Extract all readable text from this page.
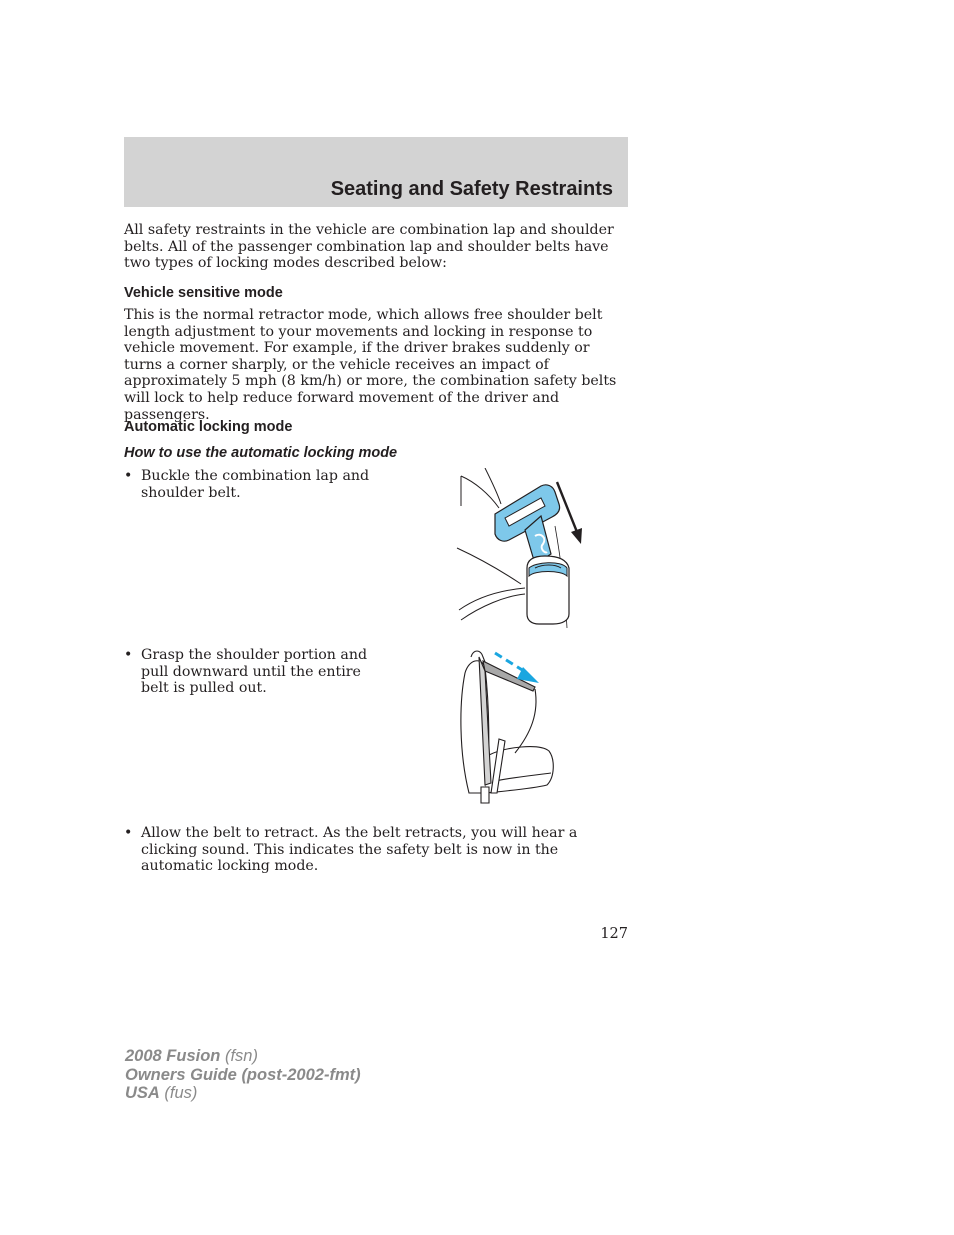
Seating and Safety Restraints

All safety restraints in the vehicle are combination lap and shoulder belts. All of the passenger combination lap and shoulder belts have two types of locking modes described below:

Vehicle sensitive mode

This is the normal retractor mode, which allows free shoulder belt length adjustment to your movements and locking in response to vehicle movement. For example, if the driver brakes suddenly or turns a corner sharply, or the vehicle receives an impact of approximately 5 mph (8 km/h) or more, the combination safety belts will lock to help reduce forward movement of the driver and passengers.

Automatic locking mode
How to use the automatic locking mode
• Buckle the combination lap and shoulder belt.
• Grasp the shoulder portion and pull downward until the entire belt is pulled out.
• Allow the belt to retract. As the belt retracts, you will hear a clicking sound. This indicates the safety belt is now in the automatic locking mode.
127

2008 Fusion (fsn)
Owners Guide (post-2002-fmt)
USA (fus)
